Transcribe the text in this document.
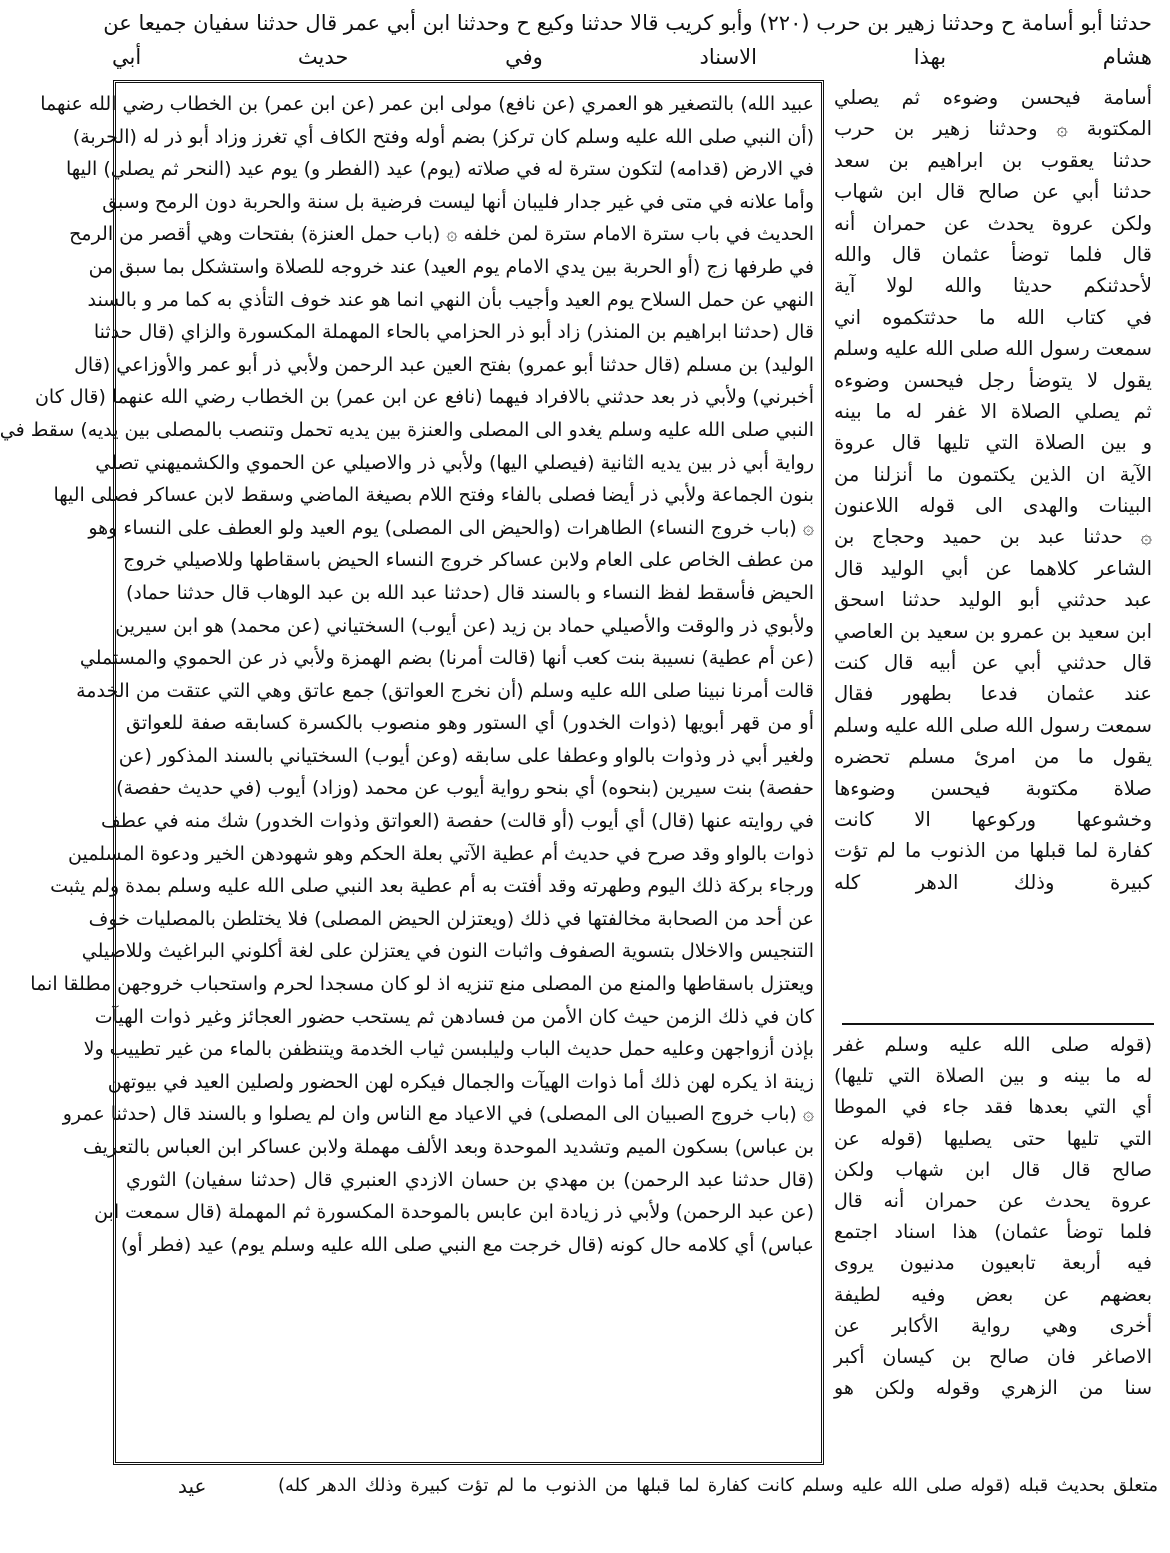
حدثنا أبو أسامة ح وحدثنا زهير بن حرب (٢٢٠) وأبو كريب قالا حدثنا وكيع ح وحدثنا ابن أبي عمر قال حدثنا سفيان جميعا عن
هشام بهذا الاسناد وفي حديث أبي
عبيد الله) بالتصغير هو العمري (عن نافع) مولى ابن عمر (عن ابن عمر) بن الخطاب رضي الله عنهما
(أن النبي صلى الله عليه وسلم كان تركز) بضم أوله وفتح الكاف أي تغرز وزاد أبو ذر له (الحربة)
في الارض (قدامه) لتكون سترة له في صلاته (يوم) عيد (الفطر و) يوم عيد (النحر ثم يصلي) اليها
وأما علانه في متى في غير جدار فليبان أنها ليست فرضية بل سنة والحربة دون الرمح وسبق
الحديث في باب سترة الامام سترة لمن خلفه ۞ (باب حمل العنزة) بفتحات وهي أقصر من الرمح
في طرفها زج (أو الحربة بين يدي الامام يوم العيد) عند خروجه للصلاة واستشكل بما سبق من
النهي عن حمل السلاح يوم العيد وأجيب بأن النهي انما هو عند خوف التأذي به كما مر و بالسند
قال (حدثنا ابراهيم بن المنذر) زاد أبو ذر الحزامي بالحاء المهملة المكسورة والزاي (قال حدثنا
الوليد) بن مسلم (قال حدثنا أبو عمرو) بفتح العين عبد الرحمن ولأبي ذر أبو عمر والأوزاعي (قال
أخبرني) ولأبي ذر بعد حدثني بالافراد فيهما (نافع عن ابن عمر) بن الخطاب رضي الله عنهما (قال كان
النبي صلى الله عليه وسلم يغدو الى المصلى والعنزة بين يديه تحمل وتنصب بالمصلى بين يديه) سقط في
رواية أبي ذر بين يديه الثانية (فيصلي اليها) ولأبي ذر والاصيلي عن الحموي والكشميهني تصلي
بنون الجماعة ولأبي ذر أيضا فصلى بالفاء وفتح اللام بصيغة الماضي وسقط لابن عساكر فصلى اليها
۞ (باب خروج النساء) الطاهرات (والحيض الى المصلى) يوم العيد ولو العطف على النساء وهو
من عطف الخاص على العام ولابن عساكر خروج النساء الحيض باسقاطها وللاصيلي خروج
الحيض فأسقط لفظ النساء و بالسند قال (حدثنا عبد الله بن عبد الوهاب قال حدثنا حماد)
ولأبوي ذر والوقت والأصيلي حماد بن زيد (عن أيوب) السختياني (عن محمد) هو ابن سيرين
(عن أم عطية) نسيبة بنت كعب أنها (قالت أمرنا) بضم الهمزة ولأبي ذر عن الحموي والمستملي
قالت أمرنا نبينا صلى الله عليه وسلم (أن نخرج العواتق) جمع عاتق وهي التي عتقت من الخدمة
أو من قهر أبويها (ذوات الخدور) أي الستور وهو منصوب بالكسرة كسابقه صفة للعواتق
ولغير أبي ذر وذوات بالواو وعطفا على سابقه (وعن أيوب) السختياني بالسند المذكور (عن
حفصة) بنت سيرين (بنحوه) أي بنحو رواية أيوب عن محمد (وزاد) أيوب (في حديث حفصة)
في روايته عنها (قال) أي أيوب (أو قالت) حفصة (العواتق وذوات الخدور) شك منه في عطف
ذوات بالواو وقد صرح في حديث أم عطية الآتي بعلة الحكم وهو شهودهن الخير ودعوة المسلمين
ورجاء بركة ذلك اليوم وطهرته وقد أفتت به أم عطية بعد النبي صلى الله عليه وسلم بمدة ولم يثبت
عن أحد من الصحابة مخالفتها في ذلك (ويعتزلن الحيض المصلى) فلا يختلطن بالمصليات خوف
التنجيس والاخلال بتسوية الصفوف واثبات النون في يعتزلن على لغة أكلوني البراغيث وللاصيلي
ويعتزل باسقاطها والمنع من المصلى منع تنزيه اذ لو كان مسجدا لحرم واستحباب خروجهن مطلقا انما
كان في ذلك الزمن حيث كان الأمن من فسادهن ثم يستحب حضور العجائز وغير ذوات الهيآت
بإذن أزواجهن وعليه حمل حديث الباب وليلبسن ثياب الخدمة ويتنظفن بالماء من غير تطييب ولا
زينة اذ يكره لهن ذلك أما ذوات الهيآت والجمال فيكره لهن الحضور ولصلين العيد في بيوتهن
۞ (باب خروج الصبيان الى المصلى) في الاعياد مع الناس وان لم يصلوا و بالسند قال (حدثنا عمرو
بن عباس) بسكون الميم وتشديد الموحدة وبعد الألف مهملة ولابن عساكر ابن العباس بالتعريف
(قال حدثنا عبد الرحمن) بن مهدي بن حسان الازدي العنبري قال (حدثنا سفيان) الثوري
(عن عبد الرحمن) ولأبي ذر زيادة ابن عابس بالموحدة المكسورة ثم المهملة (قال سمعت ابن
عباس) أي كلامه حال كونه (قال خرجت مع النبي صلى الله عليه وسلم يوم) عيد (فطر أو)
أسامة فيحسن وضوءه ثم يصلي
المكتوبة ۞ وحدثنا زهير بن حرب
حدثنا يعقوب بن ابراهيم بن سعد
حدثنا أبي عن صالح قال ابن شهاب
ولكن عروة يحدث عن حمران أنه
قال فلما توضأ عثمان قال والله
لأحدثنكم حديثا والله لولا آية
في كتاب الله ما حدثتكموه اني
سمعت رسول الله صلى الله عليه وسلم
يقول لا يتوضأ رجل فيحسن وضوءه
ثم يصلي الصلاة الا غفر له ما بينه
و بين الصلاة التي تليها قال عروة
الآية ان الذين يكتمون ما أنزلنا من
البينات والهدى الى قوله اللاعنون
۞ حدثنا عبد بن حميد وحجاج بن
الشاعر كلاهما عن أبي الوليد قال
عبد حدثني أبو الوليد حدثنا اسحق
ابن سعيد بن عمرو بن سعيد بن العاصي
قال حدثني أبي عن أبيه قال كنت
عند عثمان فدعا بطهور فقال
سمعت رسول الله صلى الله عليه وسلم
يقول ما من امرئ مسلم تحضره
صلاة مكتوبة فيحسن وضوءها
وخشوعها وركوعها الا كانت
كفارة لما قبلها من الذنوب ما لم تؤت
كبيرة وذلك الدهر كله
(قوله صلى الله عليه وسلم غفر
له ما بينه و بين الصلاة التي تليها)
أي التي بعدها فقد جاء في الموطا
التي تليها حتى يصليها (قوله عن
صالح قال قال ابن شهاب ولكن
عروة يحدث عن حمران أنه قال
فلما توضأ عثمان) هذا اسناد اجتمع
فيه أربعة تابعيون مدنيون يروى
بعضهم عن بعض وفيه لطيفة
أخرى وهي رواية الأكابر عن
الاصاغر فان صالح بن كيسان أكبر
سنا من الزهري وقوله ولكن هو
متعلق بحديث قبله (قوله صلى الله عليه وسلم كانت كفارة لما قبلها من الذنوب ما لم تؤت كبيرة وذلك الدهر كله)
عيد
